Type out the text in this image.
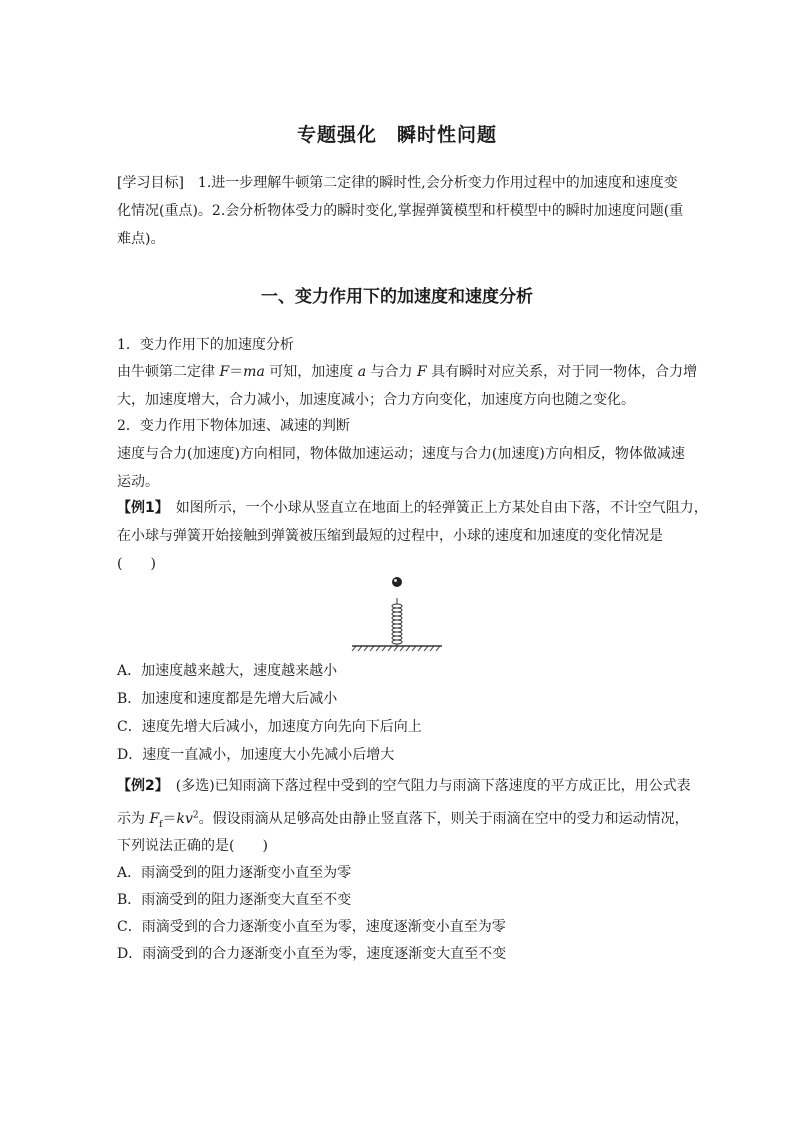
专题强化　瞬时性问题
[学习目标]　1.进一步理解牛顿第二定律的瞬时性,会分析变力作用过程中的加速度和速度变
化情况(重点)。2.会分析物体受力的瞬时变化,掌握弹簧模型和杆模型中的瞬时加速度问题(重
难点)。
一、变力作用下的加速度和速度分析
1．变力作用下的加速度分析
由牛顿第二定律 F＝ma 可知，加速度 a 与合力 F 具有瞬时对应关系，对于同一物体，合力增
大，加速度增大，合力减小，加速度减小；合力方向变化，加速度方向也随之变化。
2．变力作用下物体加速、减速的判断
速度与合力(加速度)方向相同，物体做加速运动；速度与合力(加速度)方向相反，物体做减速
运动。
【例1】　如图所示，一个小球从竖直立在地面上的轻弹簧正上方某处自由下落，不计空气阻力，
在小球与弹簧开始接触到弹簧被压缩到最短的过程中，小球的速度和加速度的变化情况是
(　　)
A．加速度越来越大，速度越来越小
B．加速度和速度都是先增大后减小
C．速度先增大后减小，加速度方向先向下后向上
D．速度一直减小，加速度大小先减小后增大
【例2】　(多选)已知雨滴下落过程中受到的空气阻力与雨滴下落速度的平方成正比，用公式表
示为 $F_f=kv^2$。假设雨滴从足够高处由静止竖直落下，则关于雨滴在空中的受力和运动情况，
下列说法正确的是(　　)
A．雨滴受到的阻力逐渐变小直至为零
B．雨滴受到的阻力逐渐变大直至不变
C．雨滴受到的合力逐渐变小直至为零，速度逐渐变小直至为零
D．雨滴受到的合力逐渐变小直至为零，速度逐渐变大直至不变
